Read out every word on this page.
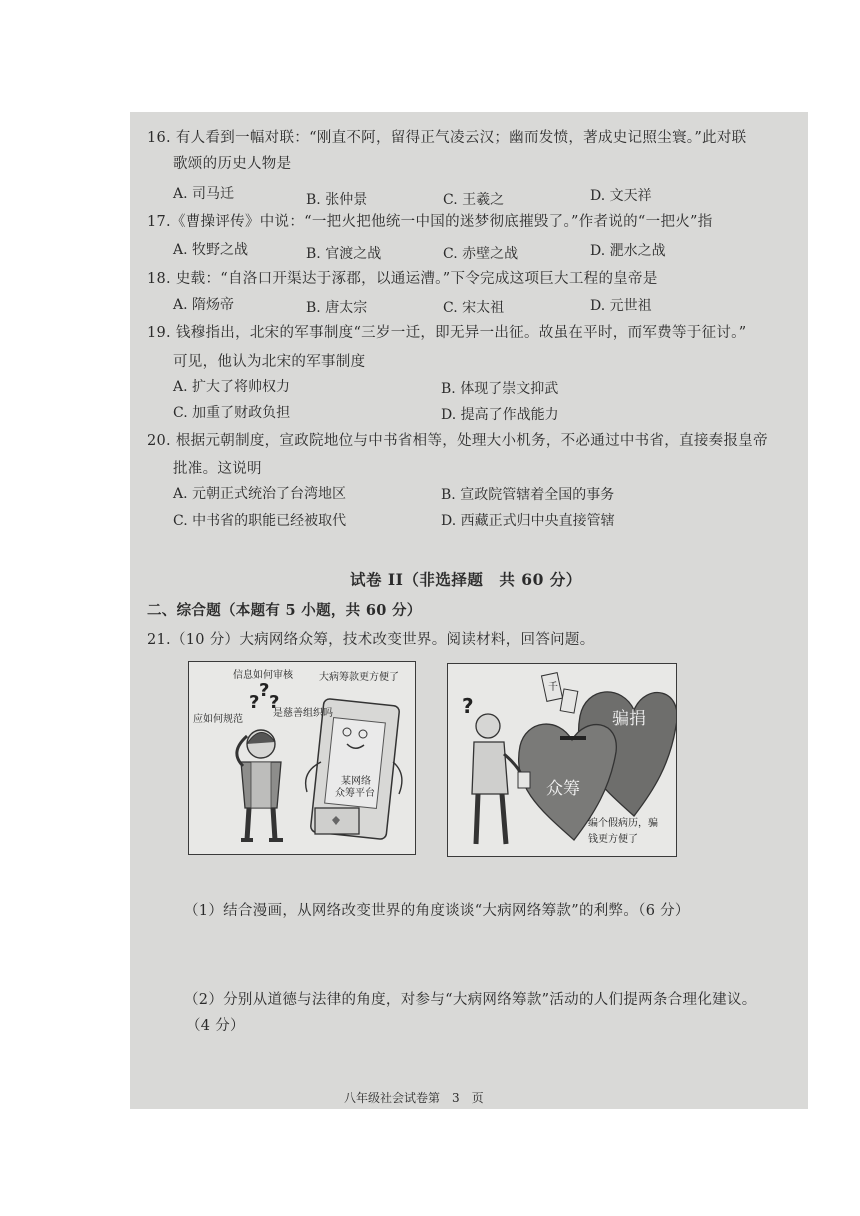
16. 有人看到一幅对联：“刚直不阿，留得正气凌云汉；幽而发愤，著成史记照尘寰。”此对联
歌颂的历史人物是
A. 司马迁	B. 张仲景	C. 王羲之	D. 文天祥
17.《曹操评传》中说：“一把火把他统一中国的迷梦彻底摧毁了。”作者说的“一把火”指
A. 牧野之战	B. 官渡之战	C. 赤壁之战	D. 淝水之战
18. 史载：“自洛口开渠达于涿郡，以通运漕。”下令完成这项巨大工程的皇帝是
A. 隋炀帝	B. 唐太宗	C. 宋太祖	D. 元世祖
19. 钱穆指出，北宋的军事制度“三岁一迁，即无异一出征。故虽在平时，而军费等于征讨。”
可见，他认为北宋的军事制度
A. 扩大了将帅权力	B. 体现了崇文抑武
C. 加重了财政负担	D. 提高了作战能力
20. 根据元朝制度，宣政院地位与中书省相等，处理大小机务，不必通过中书省，直接奏报皇帝
批准。这说明
A. 元朝正式统治了台湾地区	B. 宣政院管辖着全国的事务
C. 中书省的职能已经被取代	D. 西藏正式归中央直接管辖
试卷 II（非选择题　共 60 分）
二、综合题（本题有 5 小题，共 60 分）
21.（10 分）大病网络众筹，技术改变世界。阅读材料，回答问题。
信息如何审核	大病筹款更方便了
应如何规范
是慈善组织吗
某网络
众筹平台
?
? ?
骗捐
众筹
编个假病历，骗
钱更方便了
?
千
（1）结合漫画，从网络改变世界的角度谈谈“大病网络筹款”的利弊。（6 分）
（2）分别从道德与法律的角度，对参与“大病网络筹款”活动的人们提两条合理化建议。
（4 分）
八年级社会试卷第　3　页
